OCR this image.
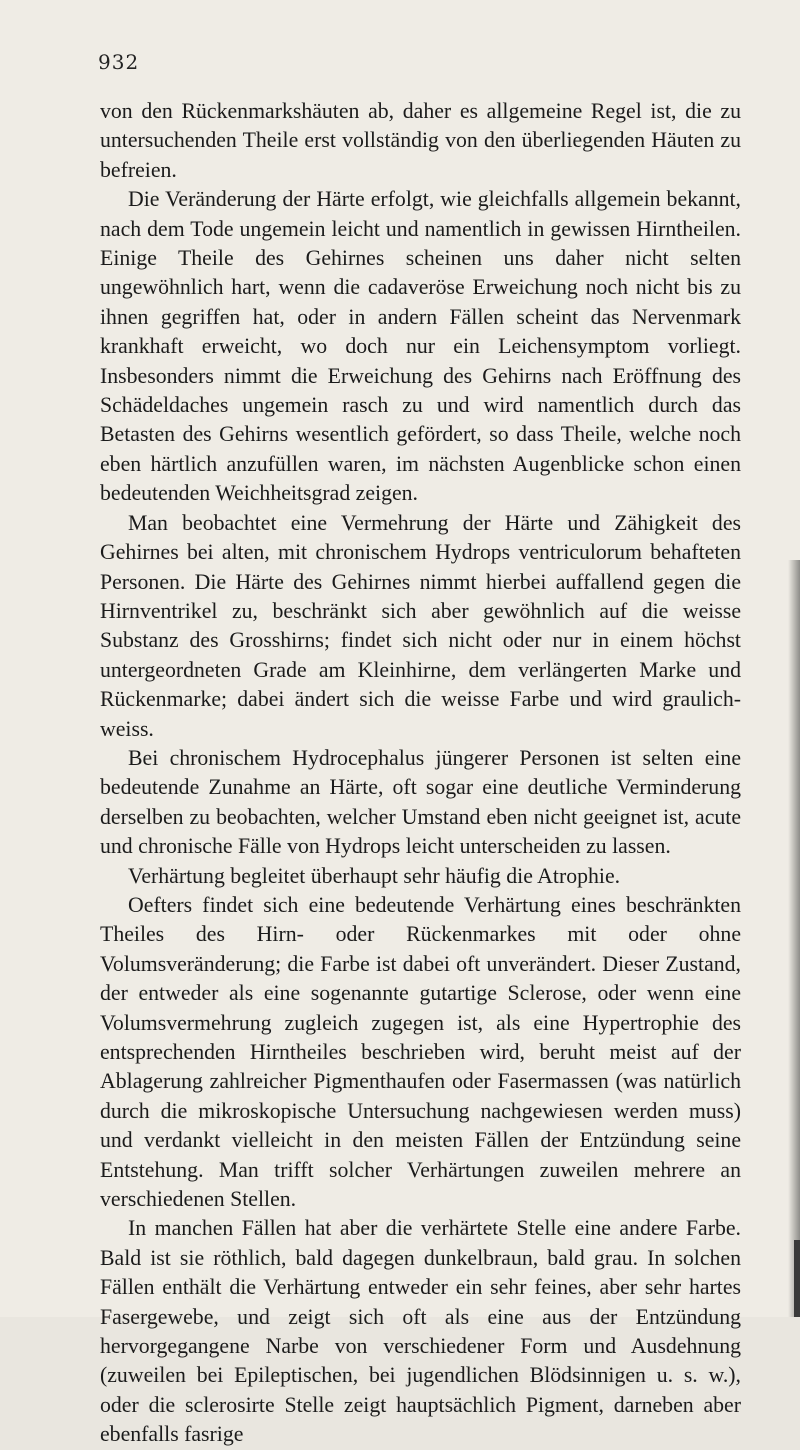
932

von den Rückenmarkshäuten ab, daher es allgemeine Regel ist, die zu untersuchenden Theile erst vollständig von den überliegenden Häuten zu befreien.

Die Veränderung der Härte erfolgt, wie gleichfalls allgemein bekannt, nach dem Tode ungemein leicht und namentlich in gewissen Hirntheilen. Einige Theile des Gehirnes scheinen uns daher nicht selten ungewöhnlich hart, wenn die cadaveröse Erweichung noch nicht bis zu ihnen gegriffen hat, oder in andern Fällen scheint das Nervenmark krankhaft erweicht, wo doch nur ein Leichensymptom vorliegt. Insbesonders nimmt die Erweichung des Gehirns nach Eröffnung des Schädeldaches ungemein rasch zu und wird namentlich durch das Betasten des Gehirns wesentlich gefördert, so dass Theile, welche noch eben härtlich anzufüllen waren, im nächsten Augenblicke schon einen bedeutenden Weichheitsgrad zeigen.

Man beobachtet eine Vermehrung der Härte und Zähigkeit des Gehirnes bei alten, mit chronischem Hydrops ventriculorum behafteten Personen. Die Härte des Gehirnes nimmt hierbei auffallend gegen die Hirnventrikel zu, beschränkt sich aber gewöhnlich auf die weisse Substanz des Grosshirns; findet sich nicht oder nur in einem höchst untergeordneten Grade am Kleinhirne, dem verlängerten Marke und Rückenmarke; dabei ändert sich die weisse Farbe und wird graulich-weiss.

Bei chronischem Hydrocephalus jüngerer Personen ist selten eine bedeutende Zunahme an Härte, oft sogar eine deutliche Verminderung derselben zu beobachten, welcher Umstand eben nicht geeignet ist, acute und chronische Fälle von Hydrops leicht unterscheiden zu lassen.

Verhärtung begleitet überhaupt sehr häufig die Atrophie.

Oefters findet sich eine bedeutende Verhärtung eines beschränkten Theiles des Hirn- oder Rückenmarkes mit oder ohne Volumsveränderung; die Farbe ist dabei oft unverändert. Dieser Zustand, der entweder als eine sogenannte gutartige Sclerose, oder wenn eine Volumsvermehrung zugleich zugegen ist, als eine Hypertrophie des entsprechenden Hirntheiles beschrieben wird, beruht meist auf der Ablagerung zahlreicher Pigmenthaufen oder Fasermassen (was natürlich durch die mikroskopische Untersuchung nachgewiesen werden muss) und verdankt vielleicht in den meisten Fällen der Entzündung seine Entstehung. Man trifft solcher Verhärtungen zuweilen mehrere an verschiedenen Stellen.

In manchen Fällen hat aber die verhärtete Stelle eine andere Farbe. Bald ist sie röthlich, bald dagegen dunkelbraun, bald grau. In solchen Fällen enthält die Verhärtung entweder ein sehr feines, aber sehr hartes Fasergewebe, und zeigt sich oft als eine aus der Entzündung hervorgegangene Narbe von verschiedener Form und Ausdehnung (zuweilen bei Epileptischen, bei jugendlichen Blödsinnigen u. s. w.), oder die sclerosirte Stelle zeigt hauptsächlich Pigment, darneben aber ebenfalls fasrige
